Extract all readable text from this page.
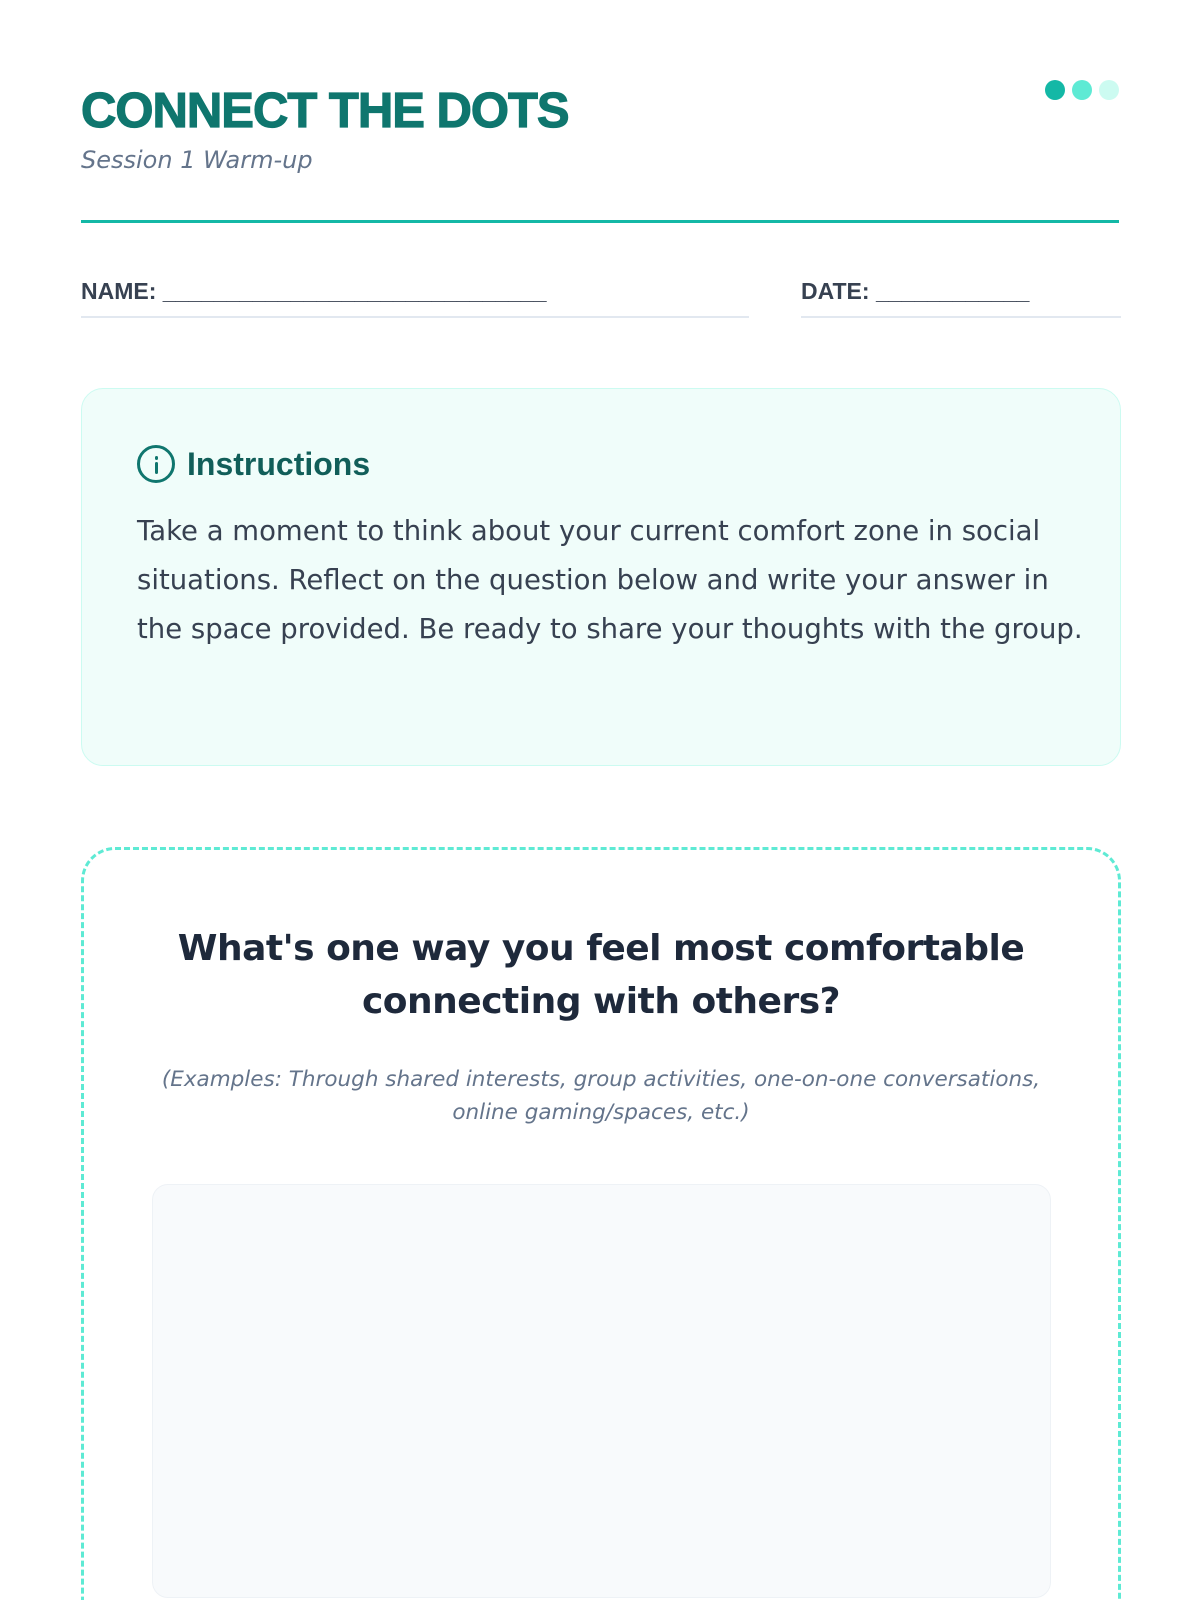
CONNECT THE DOTS
Session 1 Warm-up
NAME: ______________________________	DATE: ____________
Instructions

Take a moment to think about your current comfort zone in social situations. Reflect on the question below and write your answer in the space provided. Be ready to share your thoughts with the group.

What's one way you feel most comfortable connecting with others?
(Examples: Through shared interests, group activities, one-on-one conversations, online gaming/spaces, etc.)
